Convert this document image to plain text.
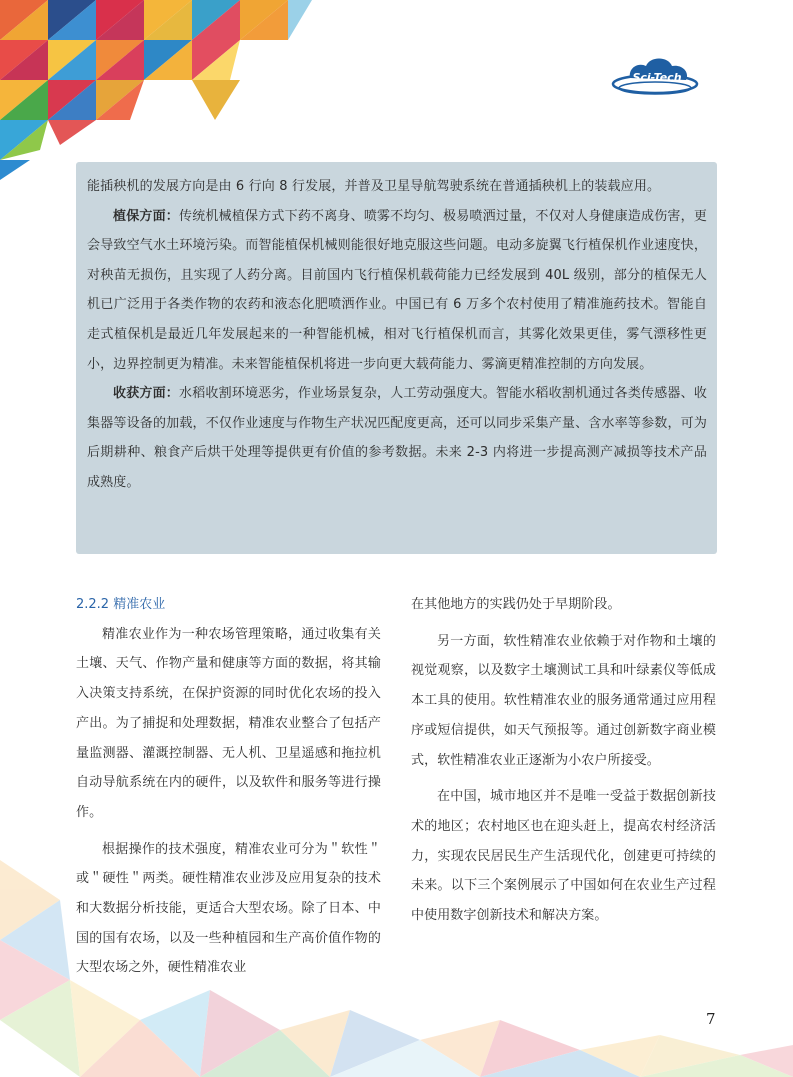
Sci-Tech

能插秧机的发展方向是由 6 行向 8 行发展，并普及卫星导航驾驶系统在普通插秧机上的装载应用。

植保方面：传统机械植保方式下药不离身、喷雾不均匀、极易喷洒过量，不仅对人身健康造成伤害，更会导致空气水土环境污染。而智能植保机械则能很好地克服这些问题。电动多旋翼飞行植保机作业速度快，对秧苗无损伤，且实现了人药分离。目前国内飞行植保机载荷能力已经发展到 40L 级别，部分的植保无人机已广泛用于各类作物的农药和液态化肥喷洒作业。中国已有 6 万多个农村使用了精准施药技术。智能自走式植保机是最近几年发展起来的一种智能机械，相对飞行植保机而言，其雾化效果更佳，雾气漂移性更小，边界控制更为精准。未来智能植保机将进一步向更大载荷能力、雾滴更精准控制的方向发展。

收获方面：水稻收割环境恶劣，作业场景复杂，人工劳动强度大。智能水稻收割机通过各类传感器、收集器等设备的加载，不仅作业速度与作物生产状况匹配度更高，还可以同步采集产量、含水率等参数，可为后期耕种、粮食产后烘干处理等提供更有价值的参考数据。未来 2-3 内将进一步提高测产减损等技术产品成熟度。

2.2.2 精准农业

精准农业作为一种农场管理策略，通过收集有关土壤、天气、作物产量和健康等方面的数据，将其输入决策支持系统，在保护资源的同时优化农场的投入产出。为了捕捉和处理数据，精准农业整合了包括产量监测器、灌溉控制器、无人机、卫星遥感和拖拉机自动导航系统在内的硬件，以及软件和服务等进行操作。

根据操作的技术强度，精准农业可分为＂软性＂或＂硬性＂两类。硬性精准农业涉及应用复杂的技术和大数据分析技能，更适合大型农场。除了日本、中国的国有农场，以及一些种植园和生产高价值作物的大型农场之外，硬性精准农业

在其他地方的实践仍处于早期阶段。

另一方面，软性精准农业依赖于对作物和土壤的视觉观察，以及数字土壤测试工具和叶绿素仪等低成本工具的使用。软性精准农业的服务通常通过应用程序或短信提供，如天气预报等。通过创新数字商业模式，软性精准农业正逐渐为小农户所接受。

在中国，城市地区并不是唯一受益于数据创新技术的地区；农村地区也在迎头赶上，提高农村经济活力，实现农民居民生产生活现代化，创建更可持续的未来。以下三个案例展示了中国如何在农业生产过程中使用数字创新技术和解决方案。

7
